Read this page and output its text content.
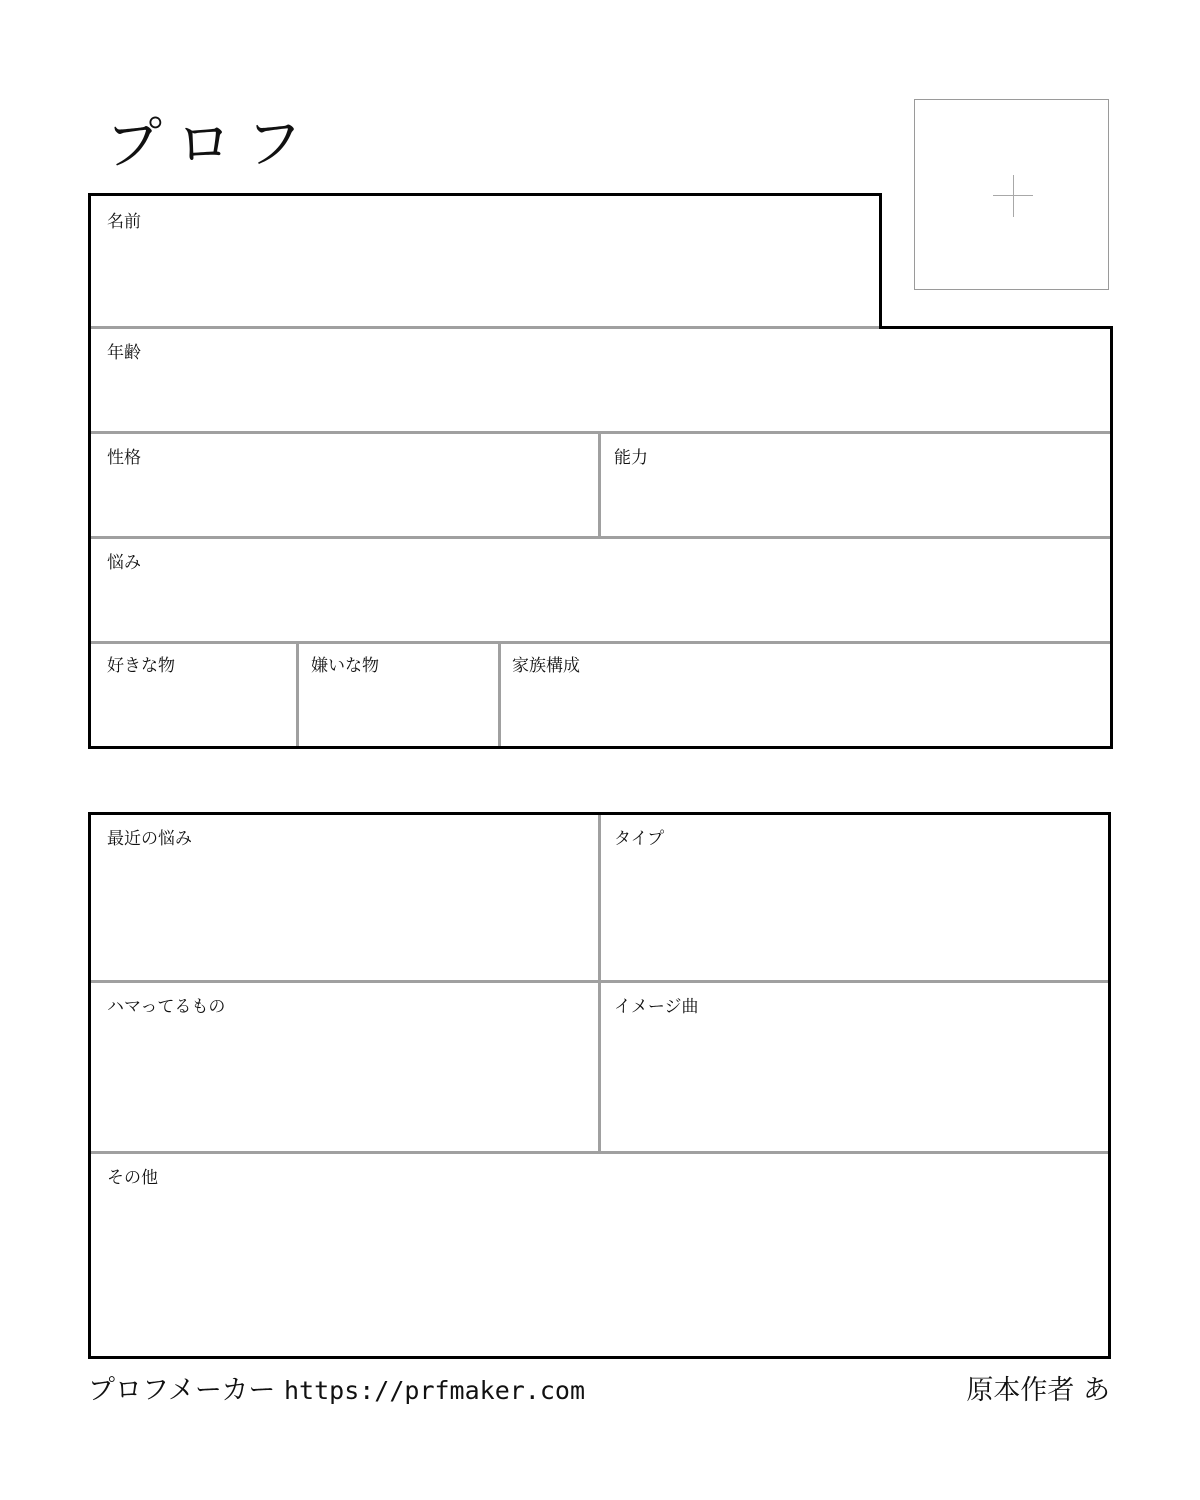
プロフ
名前
年齢
性格	能力
悩み
好きな物	嫌いな物	家族構成
最近の悩み	タイプ
ハマってるもの	イメージ曲
その他
プロフメーカー https://prfmaker.com	原本作者 あ
